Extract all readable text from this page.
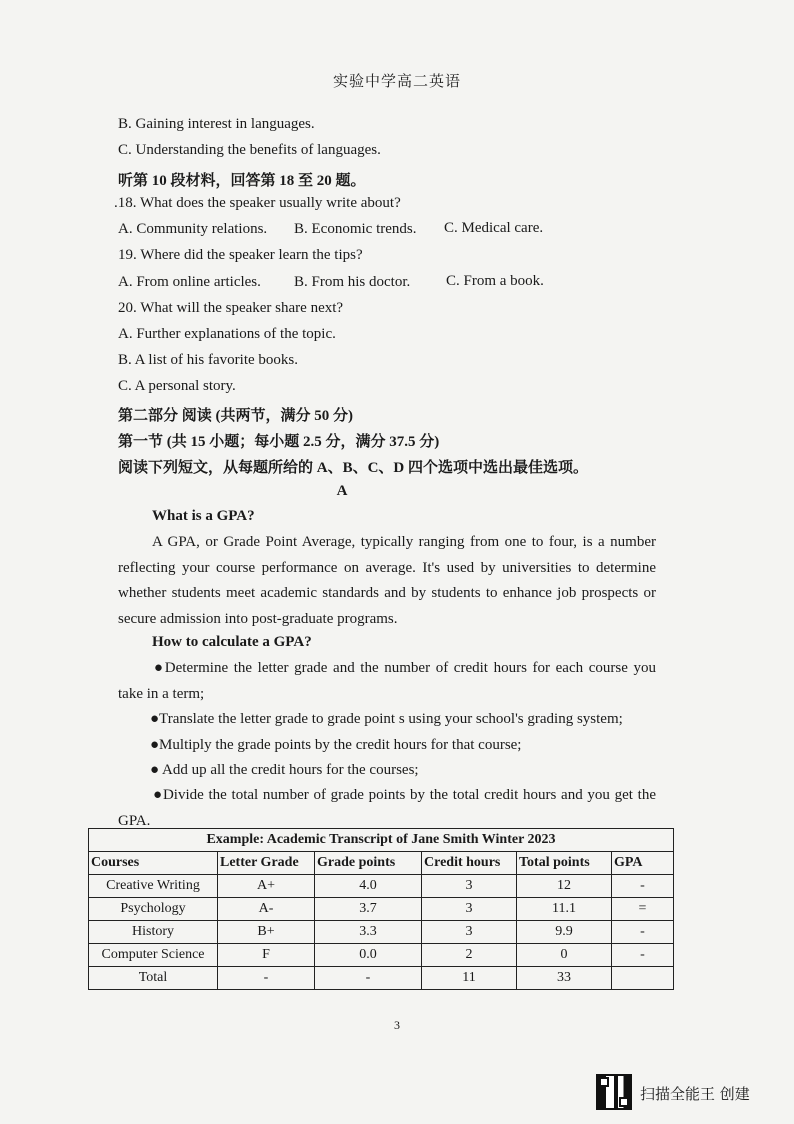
实验中学高二英语
B. Gaining interest in languages.
C. Understanding the benefits of languages.
听第 10 段材料，回答第 18 至 20 题。
.18. What does the speaker usually write about?
A. Community relations. B. Economic trends. C. Medical care.
19. Where did the speaker learn the tips?
A. From online articles. B. From his doctor. C. From a book.
20. What will the speaker share next?
A. Further explanations of the topic.
B. A list of his favorite books.
C. A personal story.
第二部分 阅读 (共两节，满分 50 分)
第一节 (共 15 小题；每小题 2.5 分，满分 37.5 分)
阅读下列短文，从每题所给的 A、B、C、D 四个选项中选出最佳选项。
A
What is a GPA?
A GPA, or Grade Point Average, typically ranging from one to four, is a number reflecting your course performance on average. It's used by universities to determine whether students meet academic standards and by students to enhance job prospects or secure admission into post-graduate programs.
How to calculate a GPA?
●Determine the letter grade and the number of credit hours for each course you take in a term;
●Translate the letter grade to grade point s using your school's grading system;
●Multiply the grade points by the credit hours for that course;
● Add up all the credit hours for the courses;
●Divide the total number of grade points by the total credit hours and you get the GPA.
Example: Academic Transcript of Jane Smith Winter 2023					
Courses	Letter Grade	Grade points	Credit hours	Total points	GPA
Creative Writing	A+	4.0	3	12	-
Psychology	A-	3.7	3	11.1	=
History	B+	3.3	3	9.9	-
Computer Science	F	0.0	2	0	-
Total	-	-	11	33	
3
扫描全能王 创建
